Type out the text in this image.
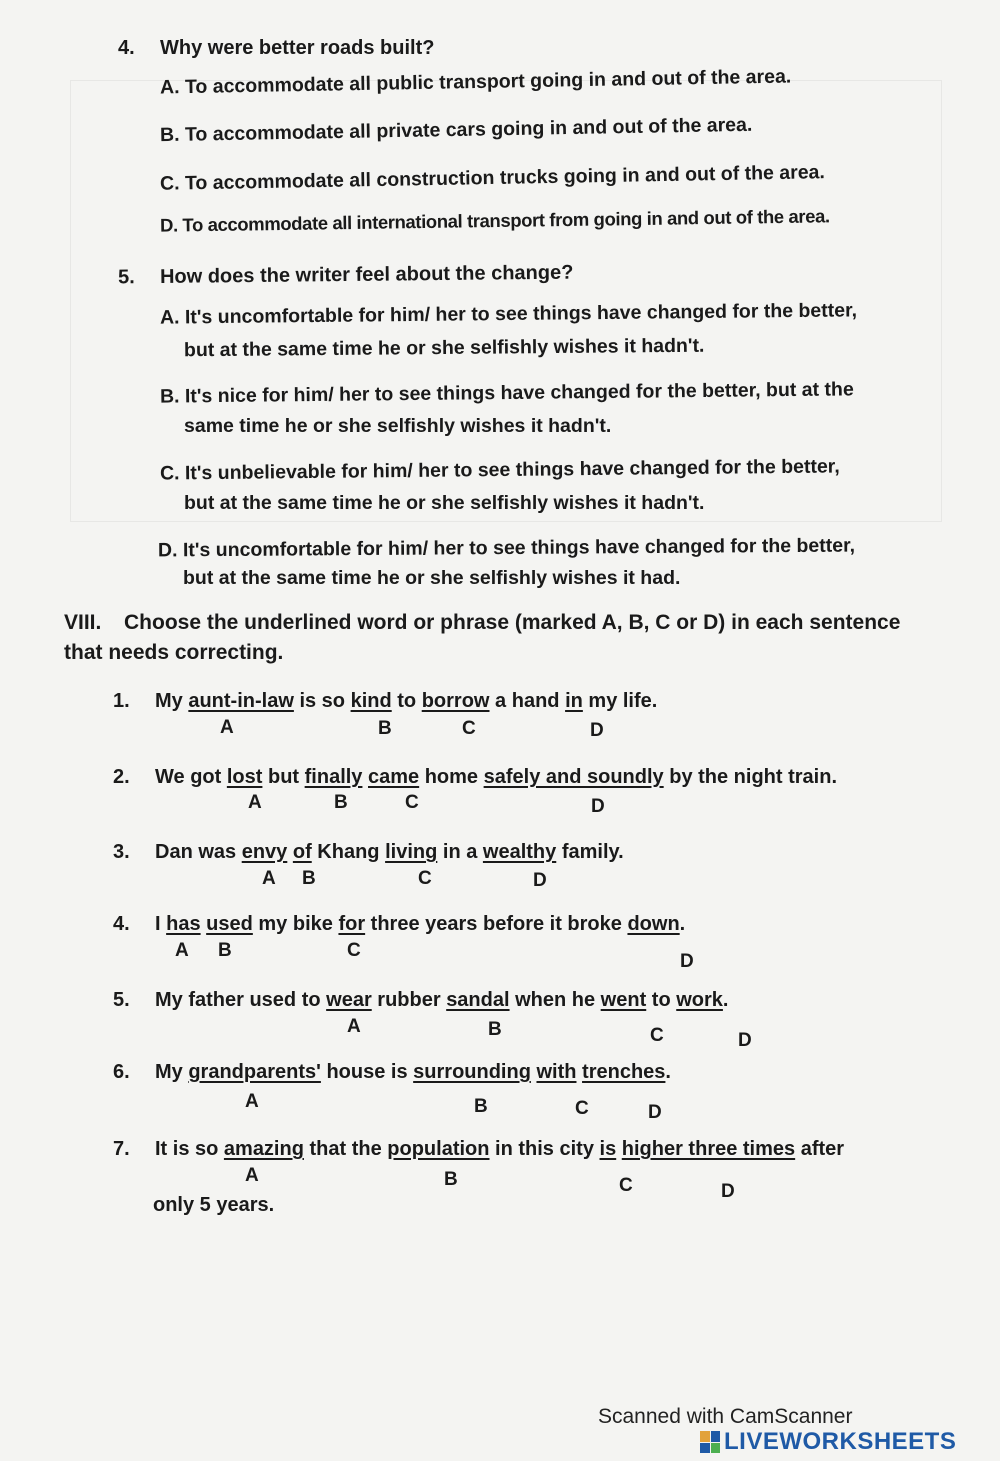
4. Why were better roads built?
A. To accommodate all public transport going in and out of the area.
B. To accommodate all private cars going in and out of the area.
C. To accommodate all construction trucks going in and out of the area.
D. To accommodate all international transport from going in and out of the area.
5. How does the writer feel about the change?
A. It's uncomfortable for him/ her to see things have changed for the better,
but at the same time he or she selfishly wishes it hadn't.
B. It's nice for him/ her to see things have changed for the better, but at the
same time he or she selfishly wishes it hadn't.
C. It's unbelievable for him/ her to see things have changed for the better,
but at the same time he or she selfishly wishes it hadn't.
D. It's uncomfortable for him/ her to see things have changed for the better,
but at the same time he or she selfishly wishes it had.
VIII. Choose the underlined word or phrase (marked A, B, C or D) in each sentence that needs correcting.
1. My aunt-in-law is so kind to borrow a hand in my life.
A	B	C	D
2. We got lost but finally came home safely and soundly by the night train.
A	B	C	D
3. Dan was envy of Khang living in a wealthy family.
A B	C	D
4. I has used my bike for three years before it broke down.
A B	C
D
5. My father used to wear rubber sandal when he went to work.
A	B	C	D
6. My grandparents' house is surrounding with trenches.
A	B	C	D
7. It is so amazing that the population in this city is higher three times after
A	B	C	D
only 5 years.
Scanned with CamScanner
LIVEWORKSHEETS
